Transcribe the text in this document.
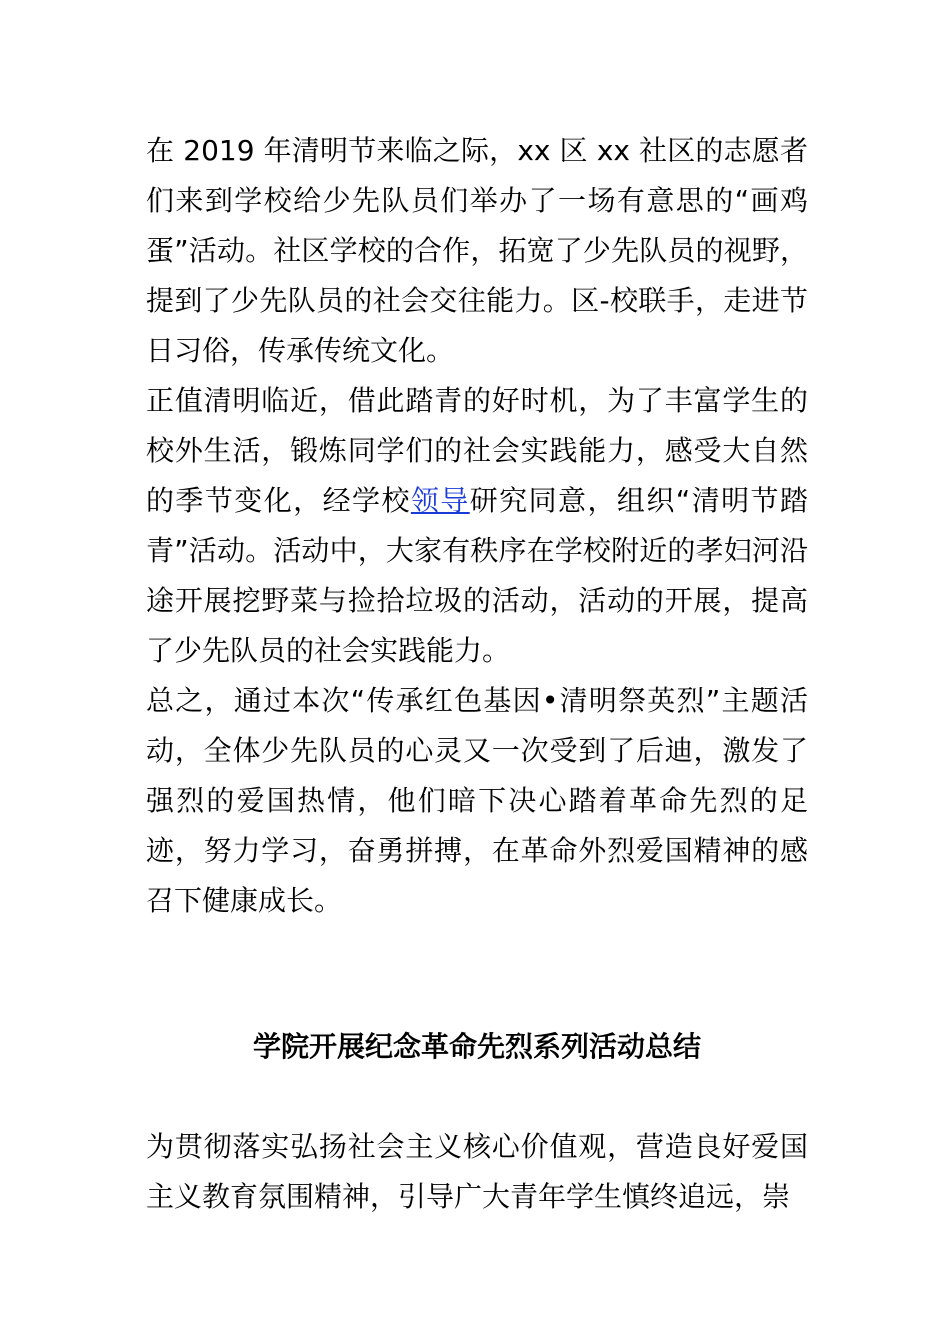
在 2019 年清明节来临之际，xx 区 xx 社区的志愿者们来到学校给少先队员们举办了一场有意思的“画鸡蛋”活动。社区学校的合作，拓宽了少先队员的视野，提到了少先队员的社会交往能力。区-校联手，走进节日习俗，传承传统文化。

正值清明临近，借此踏青的好时机，为了丰富学生的校外生活，锻炼同学们的社会实践能力，感受大自然的季节变化，经学校领导研究同意，组织“清明节踏青”活动。活动中，大家有秩序在学校附近的孝妇河沿途开展挖野菜与捡拾垃圾的活动，活动的开展，提高了少先队员的社会实践能力。

总之，通过本次“传承红色基因•清明祭英烈”主题活动，全体少先队员的心灵又一次受到了后迪，激发了强烈的爱国热情，他们暗下决心踏着革命先烈的足迹，努力学习，奋勇拼搏，在革命外烈爱国精神的感召下健康成长。

学院开展纪念革命先烈系列活动总结

为贯彻落实弘扬社会主义核心价值观，营造良好爱国主义教育氛围精神，引导广大青年学生慎终追远，崇
